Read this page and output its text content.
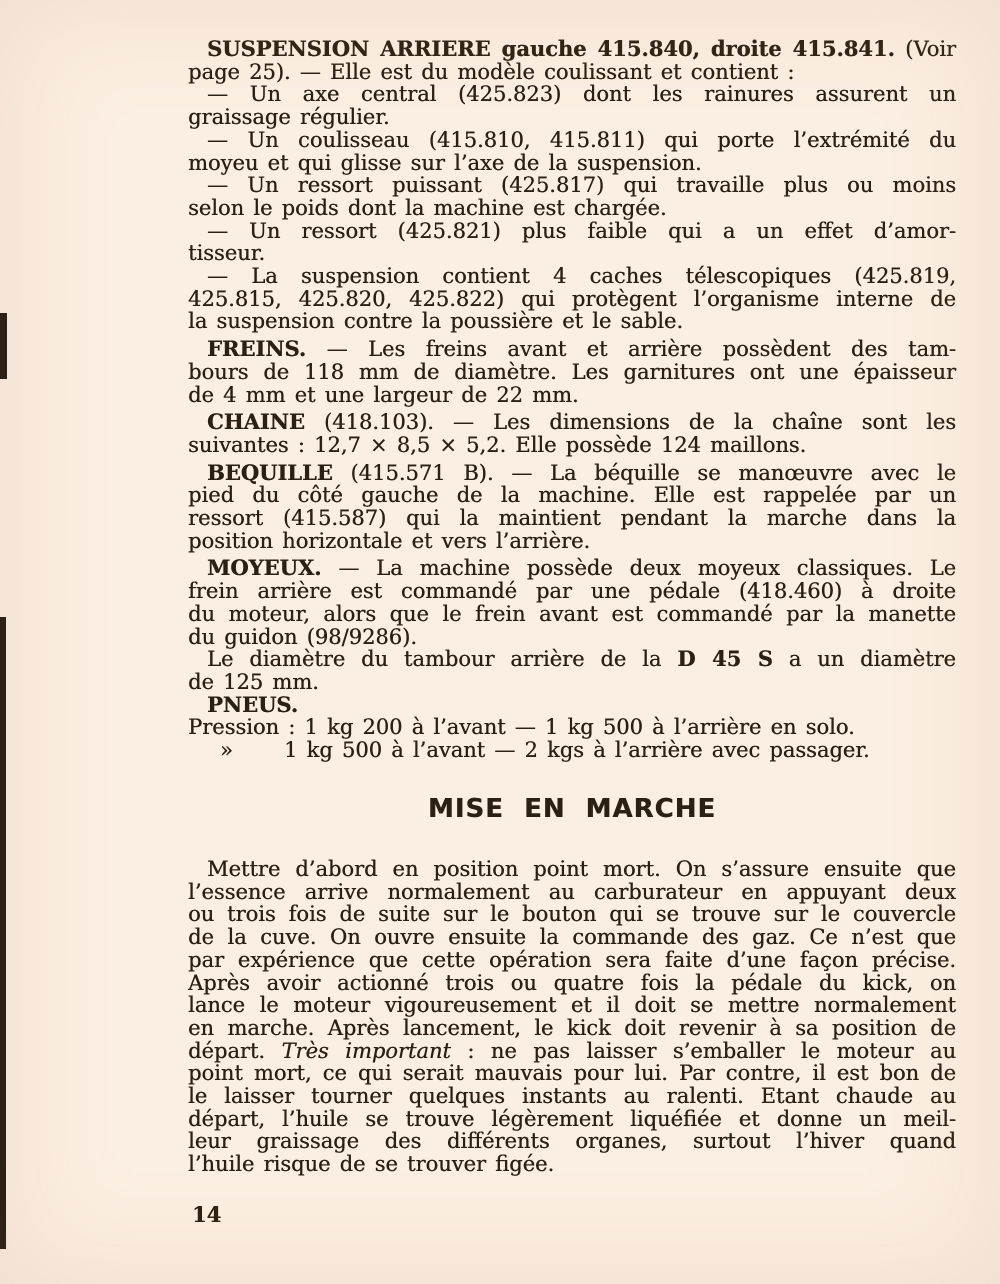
SUSPENSION ARRIERE gauche 415.840, droite 415.841. (Voir
page 25). — Elle est du modèle coulissant et contient :
— Un axe central (425.823) dont les rainures assurent un
graissage régulier.
— Un coulisseau (415.810, 415.811) qui porte l’extrémité du
moyeu et qui glisse sur l’axe de la suspension.
— Un ressort puissant (425.817) qui travaille plus ou moins
selon le poids dont la machine est chargée.
— Un ressort (425.821) plus faible qui a un effet d’amor-
tisseur.
— La suspension contient 4 caches télescopiques (425.819,
425.815, 425.820, 425.822) qui protègent l’organisme interne de
la suspension contre la poussière et le sable.
FREINS. — Les freins avant et arrière possèdent des tam-
bours de 118 mm de diamètre. Les garnitures ont une épaisseur
de 4 mm et une largeur de 22 mm.
CHAINE (418.103). — Les dimensions de la chaîne sont les
suivantes : 12,7 × 8,5 × 5,2. Elle possède 124 maillons.
BEQUILLE (415.571 B). — La béquille se manœuvre avec le
pied du côté gauche de la machine. Elle est rappelée par un
ressort (415.587) qui la maintient pendant la marche dans la
position horizontale et vers l’arrière.
MOYEUX. — La machine possède deux moyeux classiques. Le
frein arrière est commandé par une pédale (418.460) à droite
du moteur, alors que le frein avant est commandé par la manette
du guidon (98/9286).
Le diamètre du tambour arrière de la D 45 S a un diamètre
de 125 mm.
PNEUS.
Pression : 1 kg 200 à l’avant — 1 kg 500 à l’arrière en solo.
» 1 kg 500 à l’avant — 2 kgs à l’arrière avec passager.
MISE EN MARCHE
Mettre d’abord en position point mort. On s’assure ensuite que
l’essence arrive normalement au carburateur en appuyant deux
ou trois fois de suite sur le bouton qui se trouve sur le couvercle
de la cuve. On ouvre ensuite la commande des gaz. Ce n’est que
par expérience que cette opération sera faite d’une façon précise.
Après avoir actionné trois ou quatre fois la pédale du kick, on
lance le moteur vigoureusement et il doit se mettre normalement
en marche. Après lancement, le kick doit revenir à sa position de
départ. Très important : ne pas laisser s’emballer le moteur au
point mort, ce qui serait mauvais pour lui. Par contre, il est bon de
le laisser tourner quelques instants au ralenti. Etant chaude au
départ, l’huile se trouve légèrement liquéfiée et donne un meil-
leur graissage des différents organes, surtout l’hiver quand
l’huile risque de se trouver figée.
14
